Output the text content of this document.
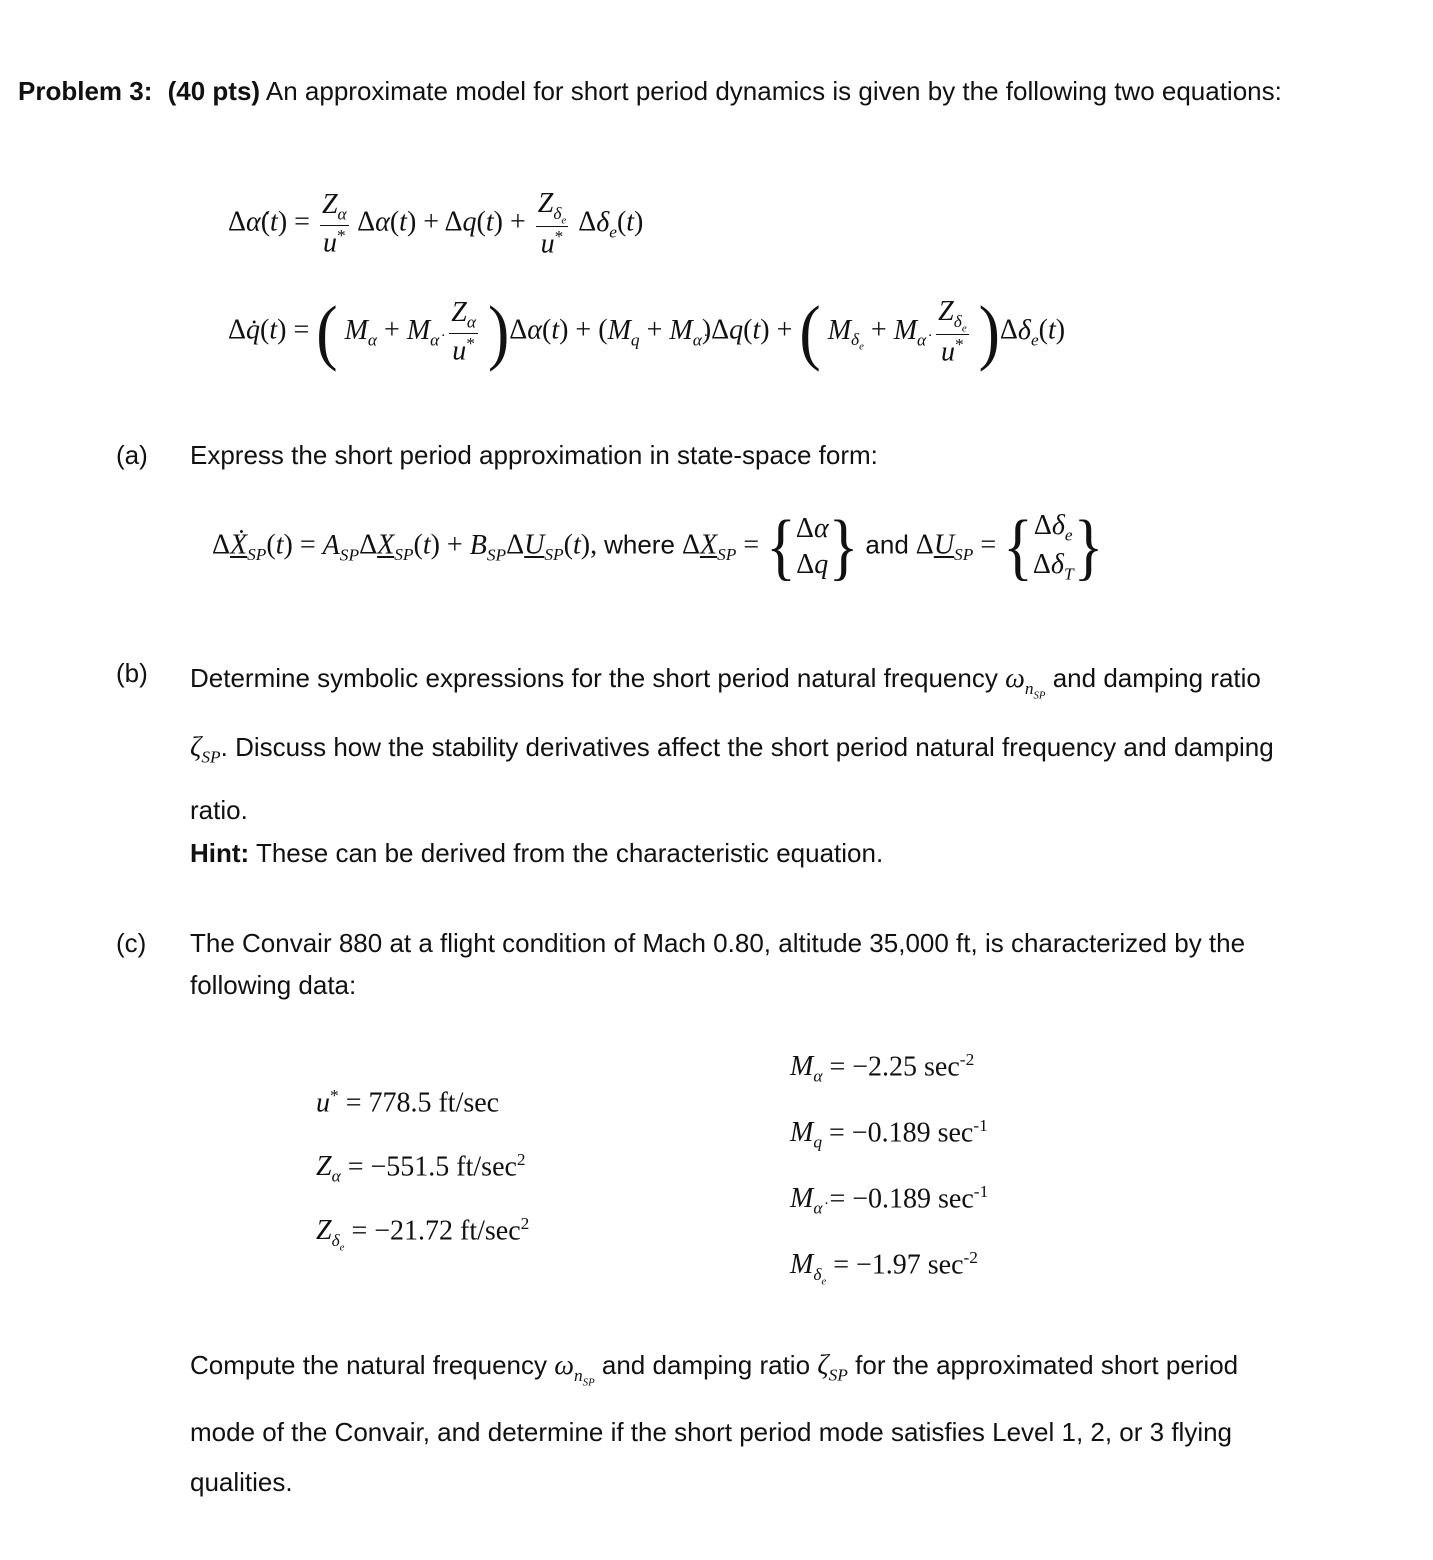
Problem 3: (40 pts) An approximate model for short period dynamics is given by the following two equations:
Δα̇(t) = $\frac{Z_\alpha}{u^*} \Delta\alpha(t) + \Delta q(t) + \frac{Z_{\delta_e}}{u^*} \Delta\delta_e(t)$
Δq̇(t) = ( $M_\alpha + M_{\alphȧ} \frac{Z_\alpha}{u^*} )\Delta\alpha(t) + (M_q + M_{\alphȧ})\Delta q(t)$ + ( $M_{\delta_e} + M_{\alphȧ} \frac{Z_{\delta_e}}{u^*} )\Delta\delta_e(t)$
(a) Express the short period approximation in state-space form:
ΔẊ$_{SP}$(t) = $A_{SP}\Delta X_{SP}(t) + B_{SP}\Delta U_{SP}(t)$, where $\Delta X_{SP} = \{\Delta\alpha$
Δq} and $\Delta U_{SP} = \{\Delta\delta_e$
$\Delta\delta_T$}
(b) Determine symbolic expressions for the short period natural frequency $\omega_{n_{SP}}$ and damping ratio $\zeta_{SP}$. Discuss how the stability derivatives affect the short period natural frequency and damping ratio.
Hint: These can be derived from the characteristic equation.
(c) The Convair 880 at a flight condition of Mach 0.80, altitude 35,000 ft, is characterized by the following data:
u* = 778.5 ft/sec
$Z_\alpha = -551.5$ $ft/\sec^2$
$Z_{\delta_e} = -21.72$ $ft/\sec^2$
$M_\alpha = -2.25$ $\sec^{-2}$
$M_q = -0.189$ $\sec^{-1}$
$M_{\alphȧ} = -0.189$ $\sec^{-1}$
$M_{\delta_e} = -1.97$ $\sec^{-2}$
Compute the natural frequency $\omega_{n_{SP}}$ and damping ratio $\zeta_{SP}$ for the approximated short period mode of the Convair, and determine if the short period mode satisfies Level 1, 2, or 3 flying qualities.
